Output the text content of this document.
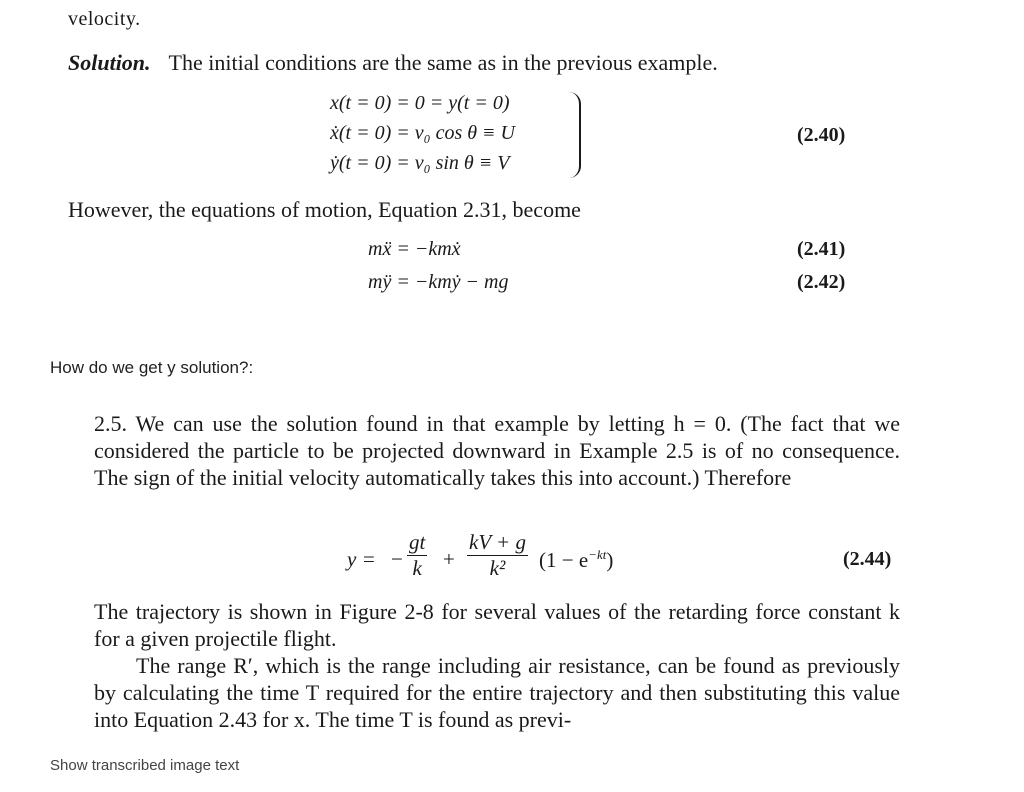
velocity.
Solution. The initial conditions are the same as in the previous example.
x(t = 0) = 0 = y(t = 0)
ẋ(t = 0) = v₀ cos θ ≡ U
ẏ(t = 0) = v₀ sin θ ≡ V
(2.40)
However, the equations of motion, Equation 2.31, become
mẍ = −kmẋ	(2.41)
mÿ = −kmẏ − mg	(2.42)
How do we get y solution?:
2.5. We can use the solution found in that example by letting h = 0. (The fact that we considered the particle to be projected downward in Example 2.5 is of no consequence. The sign of the initial velocity automatically takes this into account.) Therefore
y = − $\frac{gt}{k} + \frac{kV + g}{\text{k²}} (1 - e^{-kt})$	(2.44)
The trajectory is shown in Figure 2-8 for several values of the retarding force constant k for a given projectile flight.
The range R′, which is the range including air resistance, can be found as previously by calculating the time T required for the entire trajectory and then substituting this value into Equation 2.43 for x. The time T is found as previ-
Show transcribed image text
